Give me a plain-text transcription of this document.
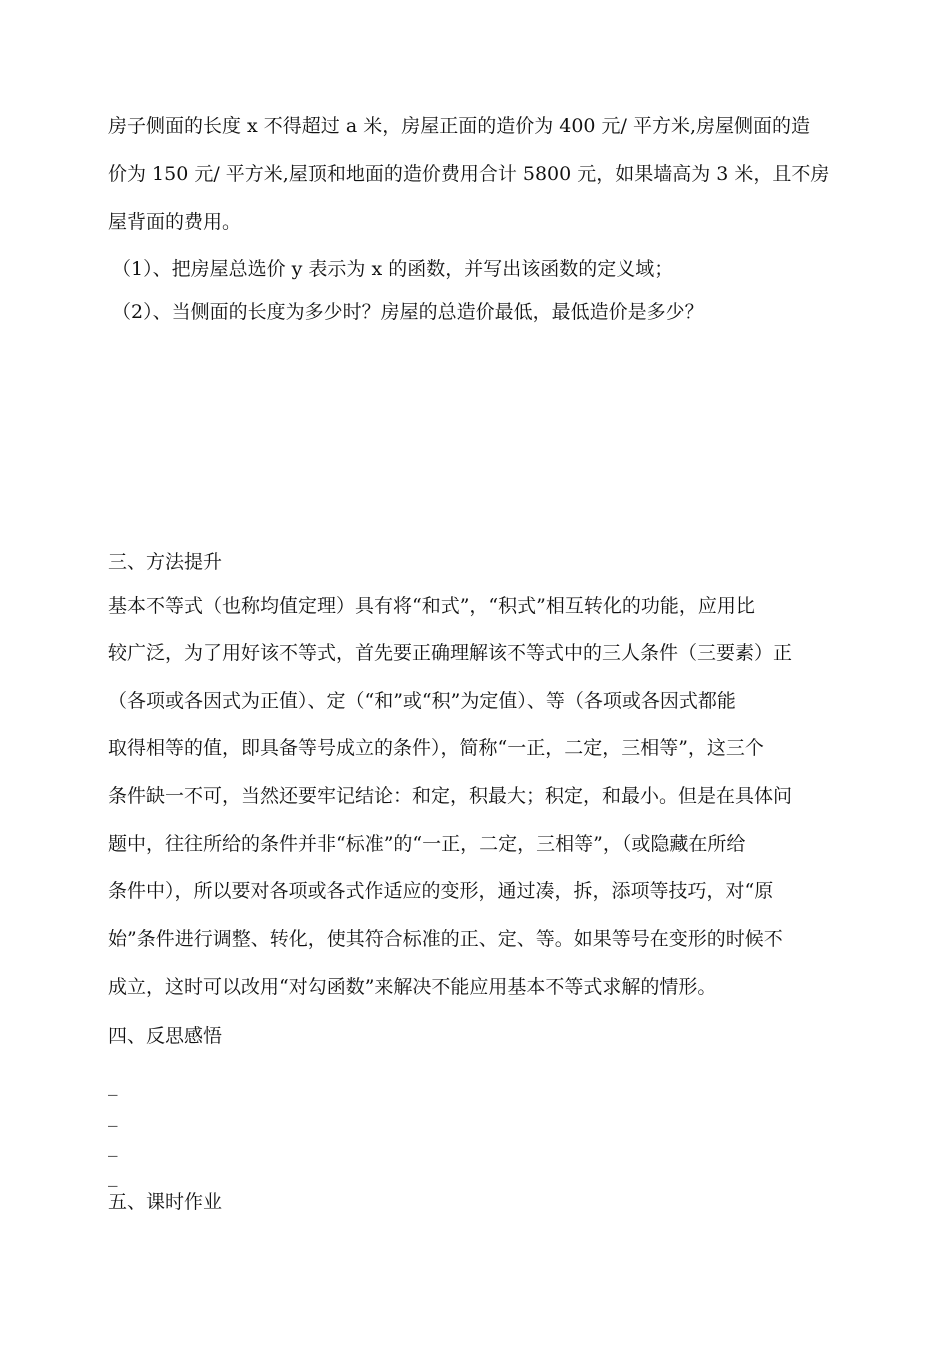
房子侧面的长度 x 不得超过 a 米，房屋正面的造价为 400 元/ 平方米,房屋侧面的造
价为 150 元/ 平方米,屋顶和地面的造价费用合计 5800 元，如果墙高为 3 米，且不房
屋背面的费用。
（1）、把房屋总选价 y 表示为 x 的函数，并写出该函数的定义域；
（2）、当侧面的长度为多少时？房屋的总造价最低，最低造价是多少？
三、方法提升
基本不等式（也称均值定理）具有将“和式”，“积式”相互转化的功能，应用比
较广泛，为了用好该不等式，首先要正确理解该不等式中的三人条件（三要素）正
（各项或各因式为正值）、定（“和”或“积”为定值）、等（各项或各因式都能
取得相等的值，即具备等号成立的条件），简称“一正，二定，三相等”，这三个
条件缺一不可，当然还要牢记结论：和定，积最大；积定，和最小。但是在具体问
题中，往往所给的条件并非“标准”的“一正，二定，三相等”，（或隐藏在所给
条件中），所以要对各项或各式作适应的变形，通过凑，拆，添项等技巧，对“原
始”条件进行调整、转化，使其符合标准的正、定、等。如果等号在变形的时候不
成立，这时可以改用“对勾函数”来解决不能应用基本不等式求解的情形。
四、反思感悟
_
_
_
_
五、课时作业
